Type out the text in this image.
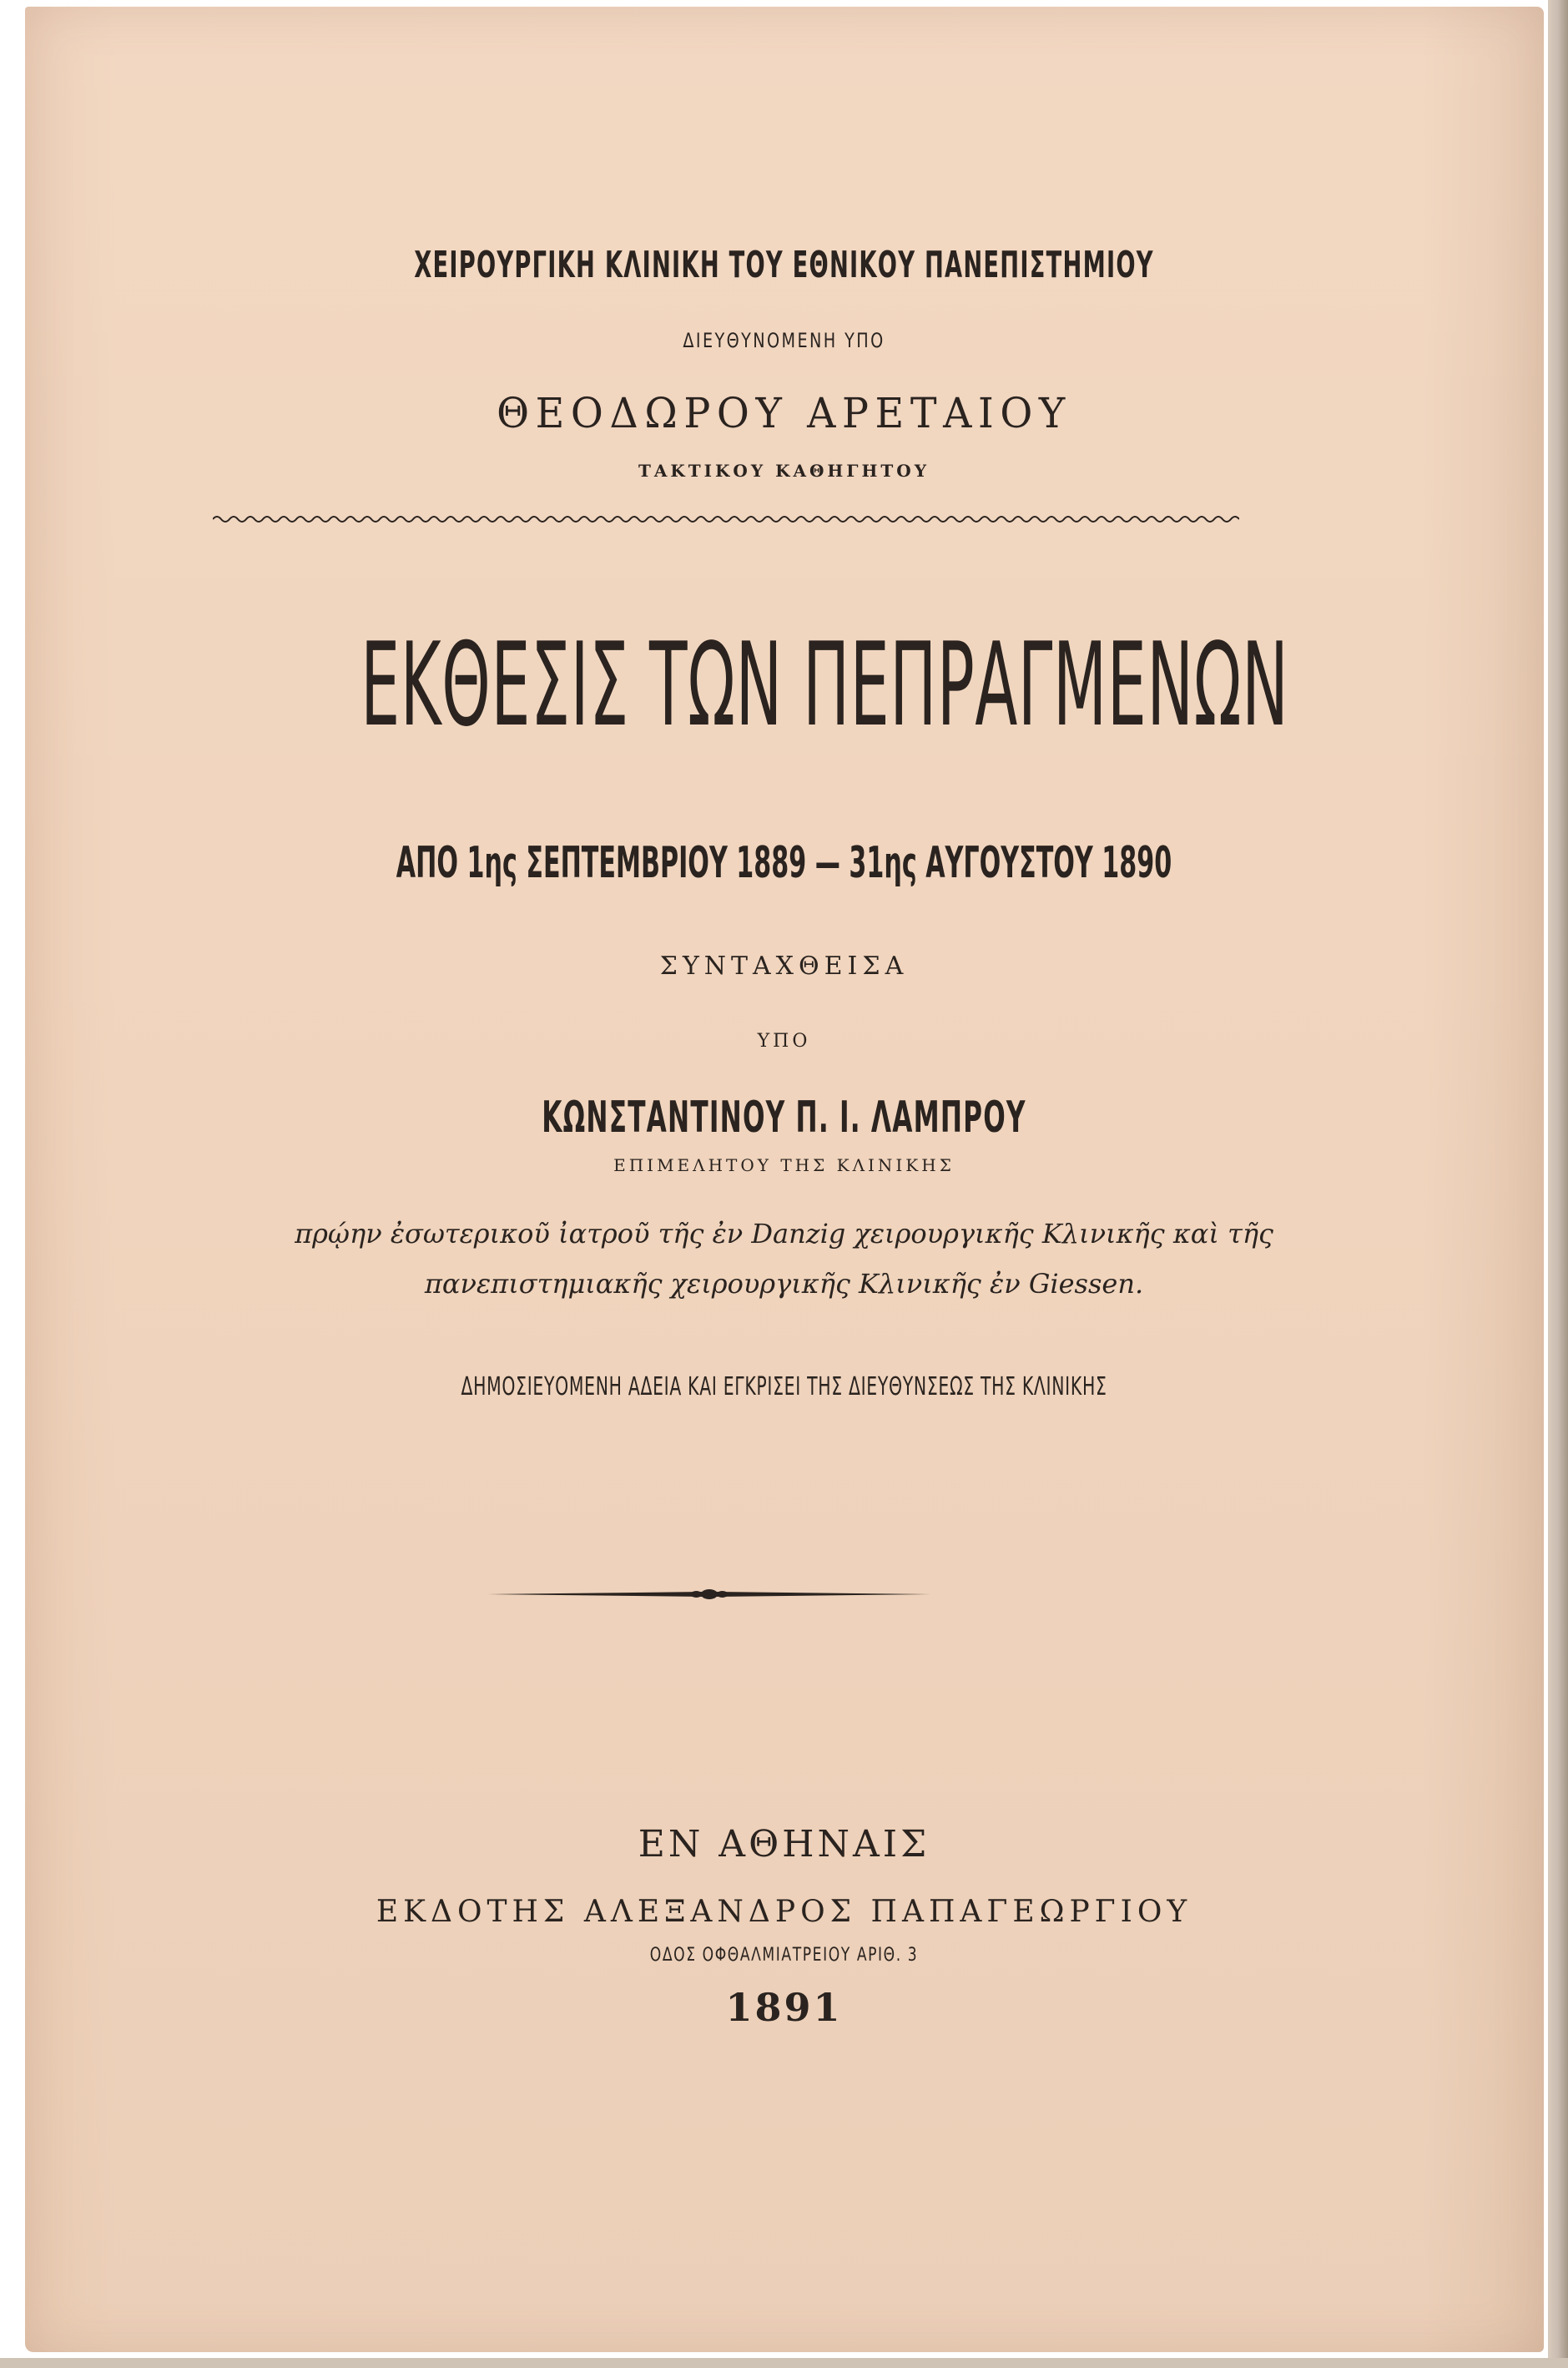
ΧΕΙΡΟΥΡΓΙΚΗ ΚΛΙΝΙΚΗ ΤΟΥ ΕΘΝΙΚΟΥ ΠΑΝΕΠΙΣΤΗΜΙΟΥ
ΔΙΕΥΘΥΝΟΜΕΝΗ ΥΠΟ
ΘΕΟΔΩΡΟΥ ΑΡΕΤΑΙΟΥ
ΤΑΚΤΙΚΟΥ ΚΑΘΗΓΗΤΟΥ
ΕΚΘΕΣΙΣ ΤΩΝ ΠΕΠΡΑΓΜΕΝΩΝ
ΑΠΟ 1ης ΣΕΠΤΕΜΒΡΙΟΥ 1889 — 31ης ΑΥΓΟΥΣΤΟΥ 1890
ΣΥΝΤΑΧΘΕΙΣΑ
ΥΠΟ
ΚΩΝΣΤΑΝΤΙΝΟΥ Π. Ι. ΛΑΜΠΡΟΥ
ΕΠΙΜΕΛΗΤΟΥ ΤΗΣ ΚΛΙΝΙΚΗΣ
πρῴην ἐσωτερικοῦ ἰατροῦ τῆς ἐν Danzig χειρουργικῆς Κλινικῆς καὶ τῆς
πανεπιστημιακῆς χειρουργικῆς Κλινικῆς ἐν Giessen.
ΔΗΜΟΣΙΕΥΟΜΕΝΗ ΑΔΕΙΑ ΚΑΙ ΕΓΚΡΙΣΕΙ ΤΗΣ ΔΙΕΥΘΥΝΣΕΩΣ ΤΗΣ ΚΛΙΝΙΚΗΣ
ΕΝ ΑΘΗΝΑΙΣ
ΕΚΔΟΤΗΣ ΑΛΕΞΑΝΔΡΟΣ ΠΑΠΑΓΕΩΡΓΙΟΥ
ΟΔΟΣ ΟΦΘΑΛΜΙΑΤΡΕΙΟΥ ΑΡΙΘ. 3
1891
